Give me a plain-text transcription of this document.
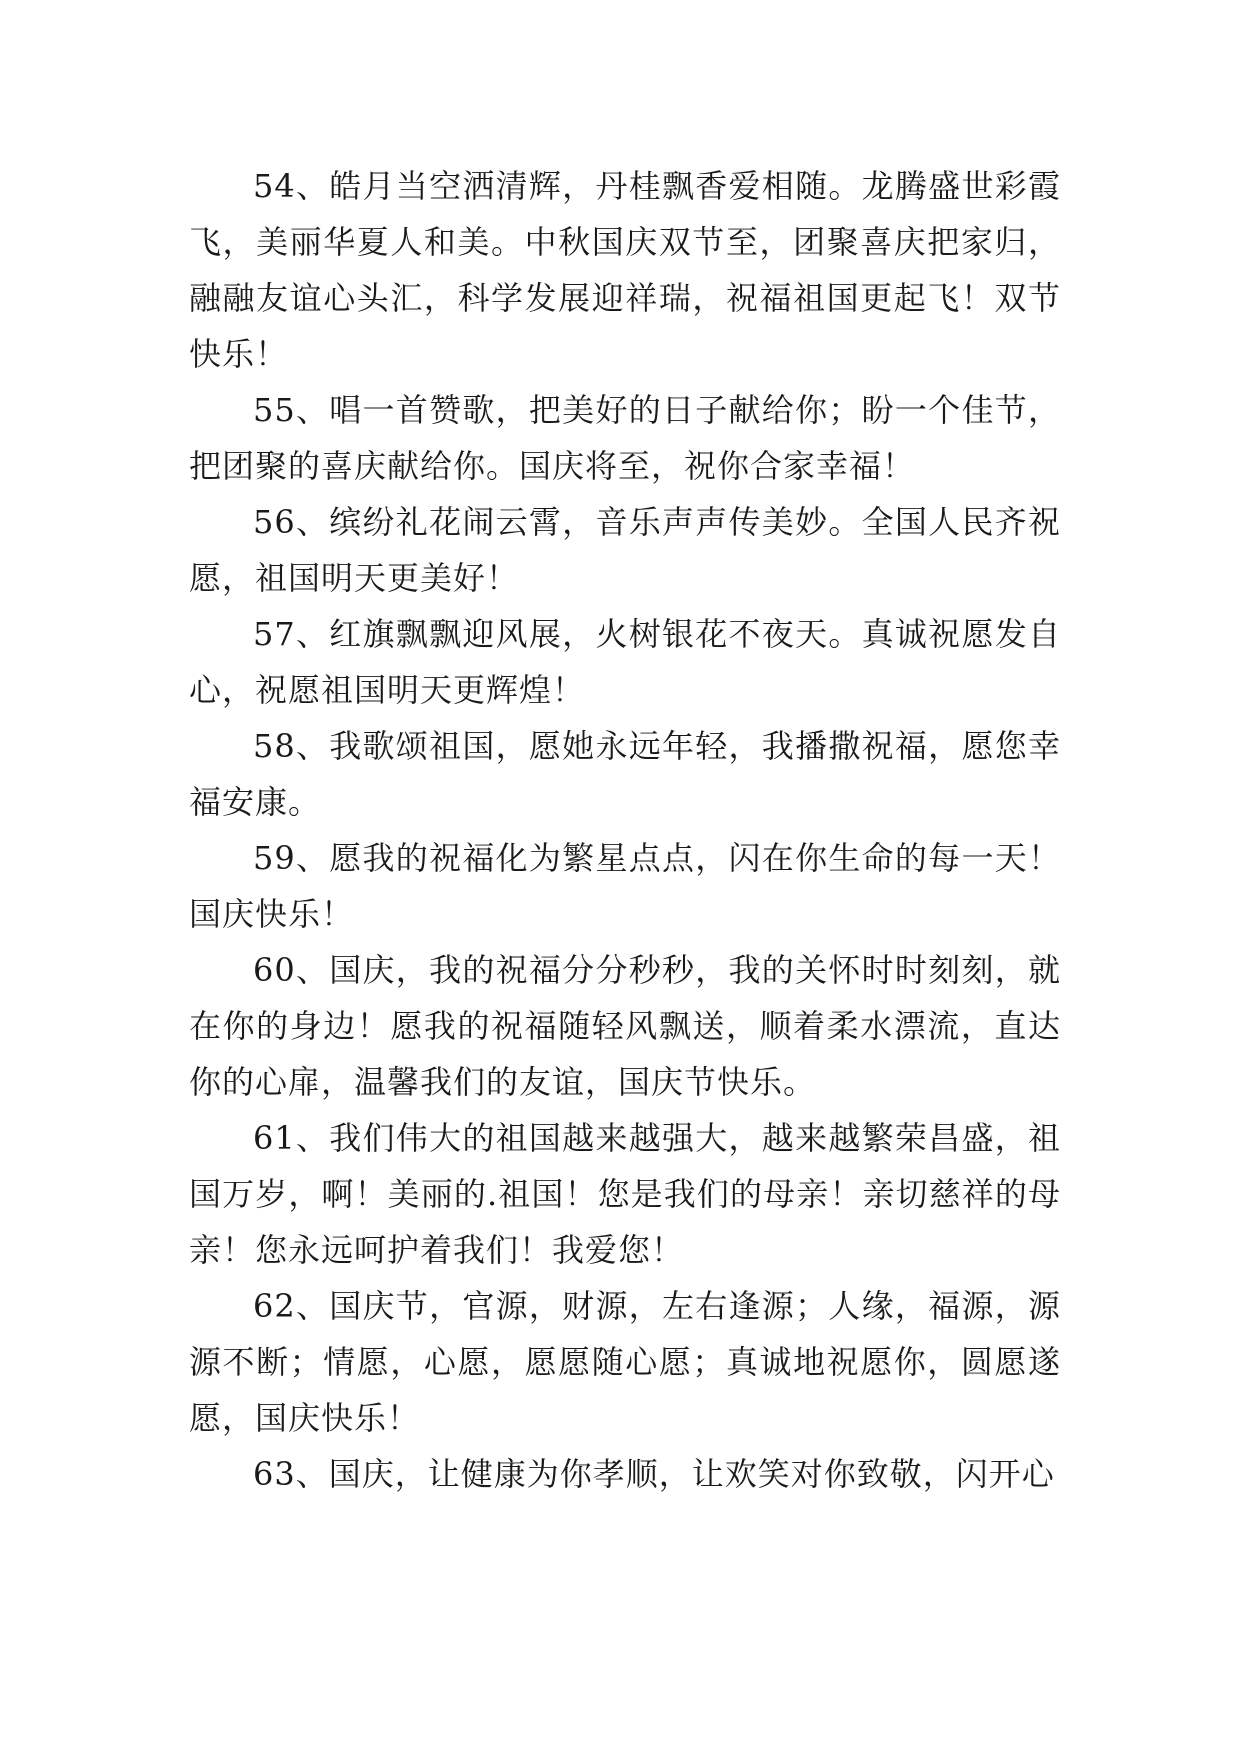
54、皓月当空洒清辉，丹桂飘香爱相随。龙腾盛世彩霞飞，美丽华夏人和美。中秋国庆双节至，团聚喜庆把家归，融融友谊心头汇，科学发展迎祥瑞，祝福祖国更起飞！双节快乐！

55、唱一首赞歌，把美好的日子献给你；盼一个佳节，把团聚的喜庆献给你。国庆将至，祝你合家幸福！

56、缤纷礼花闹云霄，音乐声声传美妙。全国人民齐祝愿，祖国明天更美好！

57、红旗飘飘迎风展，火树银花不夜天。真诚祝愿发自心，祝愿祖国明天更辉煌！

58、我歌颂祖国，愿她永远年轻，我播撒祝福，愿您幸福安康。

59、愿我的祝福化为繁星点点，闪在你生命的每一天！国庆快乐！

60、国庆，我的祝福分分秒秒，我的关怀时时刻刻，就在你的身边！愿我的祝福随轻风飘送，顺着柔水漂流，直达你的心扉，温馨我们的友谊，国庆节快乐。

61、我们伟大的祖国越来越强大，越来越繁荣昌盛，祖国万岁，啊！美丽的.祖国！您是我们的母亲！亲切慈祥的母亲！您永远呵护着我们！我爱您！

62、国庆节，官源，财源，左右逢源；人缘，福源，源源不断；情愿，心愿，愿愿随心愿；真诚地祝愿你，圆愿遂愿，国庆快乐！

63、国庆，让健康为你孝顺，让欢笑对你致敬，闪开心
